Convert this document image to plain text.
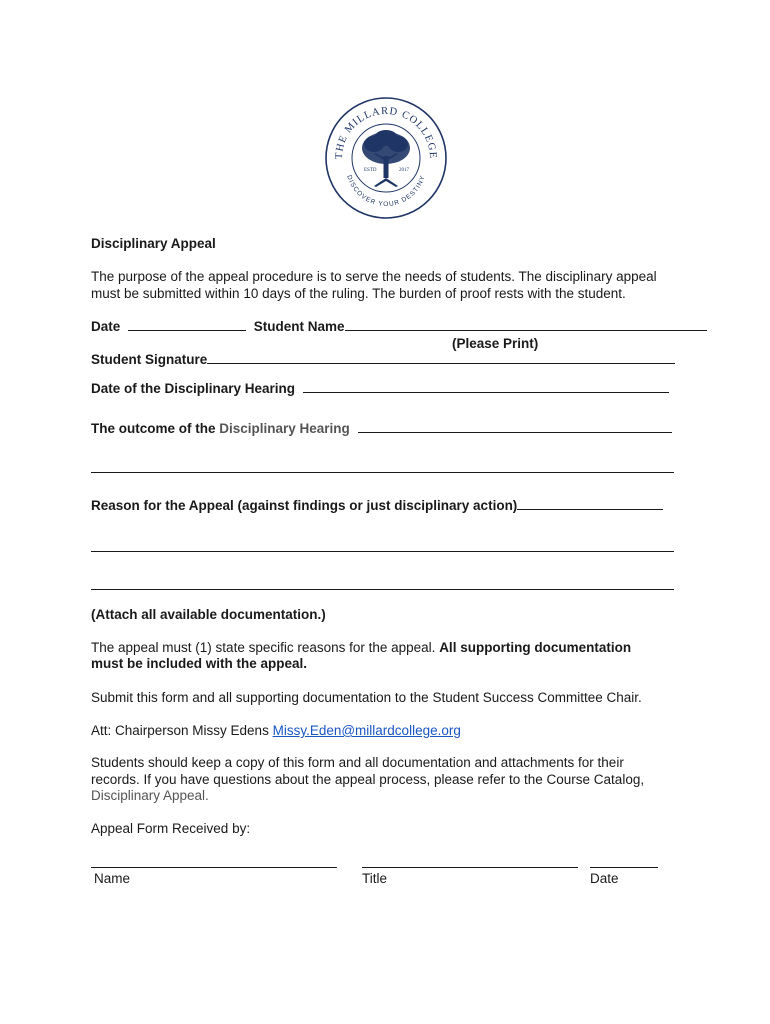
THE MILLARD COLLEGE
DISCOVER YOUR DESTINY
ESTD	2017
Disciplinary Appeal
The purpose of the appeal procedure is to serve the needs of students. The disciplinary appeal
must be submitted within 10 days of the ruling. The burden of proof rests with the student.
Date	Student Name
(Please Print)
Student Signature
Date of the Disciplinary Hearing
The outcome of the Disciplinary Hearing
Reason for the Appeal (against findings or just disciplinary action)
(Attach all available documentation.)
The appeal must (1) state specific reasons for the appeal. All supporting documentation
must be included with the appeal.
Submit this form and all supporting documentation to the Student Success Committee Chair.
Att: Chairperson Missy Edens Missy.Eden@millardcollege.org
Students should keep a copy of this form and all documentation and attachments for their
records. If you have questions about the appeal process, please refer to the Course Catalog,
Disciplinary Appeal.
Appeal Form Received by:
Name	Title	Date
